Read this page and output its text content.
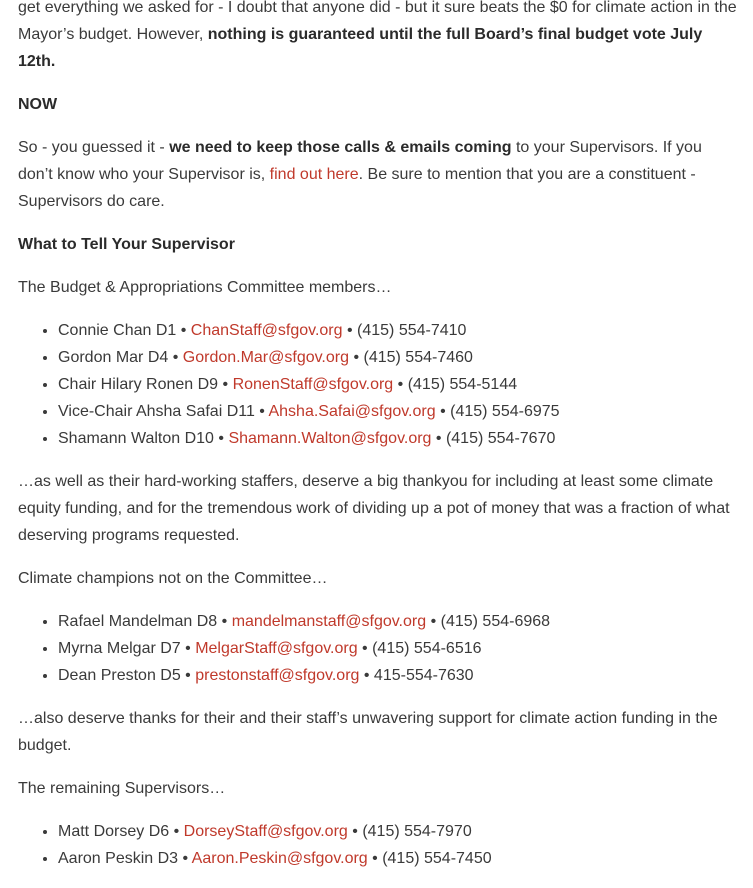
get everything we asked for - I doubt that anyone did - but it sure beats the $0 for climate action in the Mayor’s budget. However, nothing is guaranteed until the full Board’s final budget vote July 12th.

NOW

So - you guessed it - we need to keep those calls & emails coming to your Supervisors. If you don’t know who your Supervisor is, find out here. Be sure to mention that you are a constituent - Supervisors do care.

What to Tell Your Supervisor

The Budget & Appropriations Committee members…

• Connie Chan D1 • ChanStaff@sfgov.org • (415) 554-7410
• Gordon Mar D4 • Gordon.Mar@sfgov.org • (415) 554-7460
• Chair Hilary Ronen D9 • RonenStaff@sfgov.org • (415) 554-5144
• Vice-Chair Ahsha Safai D11 • Ahsha.Safai@sfgov.org • (415) 554-6975
• Shamann Walton D10 • Shamann.Walton@sfgov.org • (415) 554-7670

…as well as their hard-working staffers, deserve a big thankyou for including at least some climate equity funding, and for the tremendous work of dividing up a pot of money that was a fraction of what deserving programs requested.

Climate champions not on the Committee…

• Rafael Mandelman D8 • mandelmanstaff@sfgov.org • (415) 554-6968
• Myrna Melgar D7 • MelgarStaff@sfgov.org • (415) 554-6516
• Dean Preston D5 • prestonstaff@sfgov.org • 415-554-7630

…also deserve thanks for their and their staff’s unwavering support for climate action funding in the budget.

The remaining Supervisors…

• Matt Dorsey D6 • DorseyStaff@sfgov.org • (415) 554-7970
• Aaron Peskin D3 • Aaron.Peskin@sfgov.org • (415) 554-7450
